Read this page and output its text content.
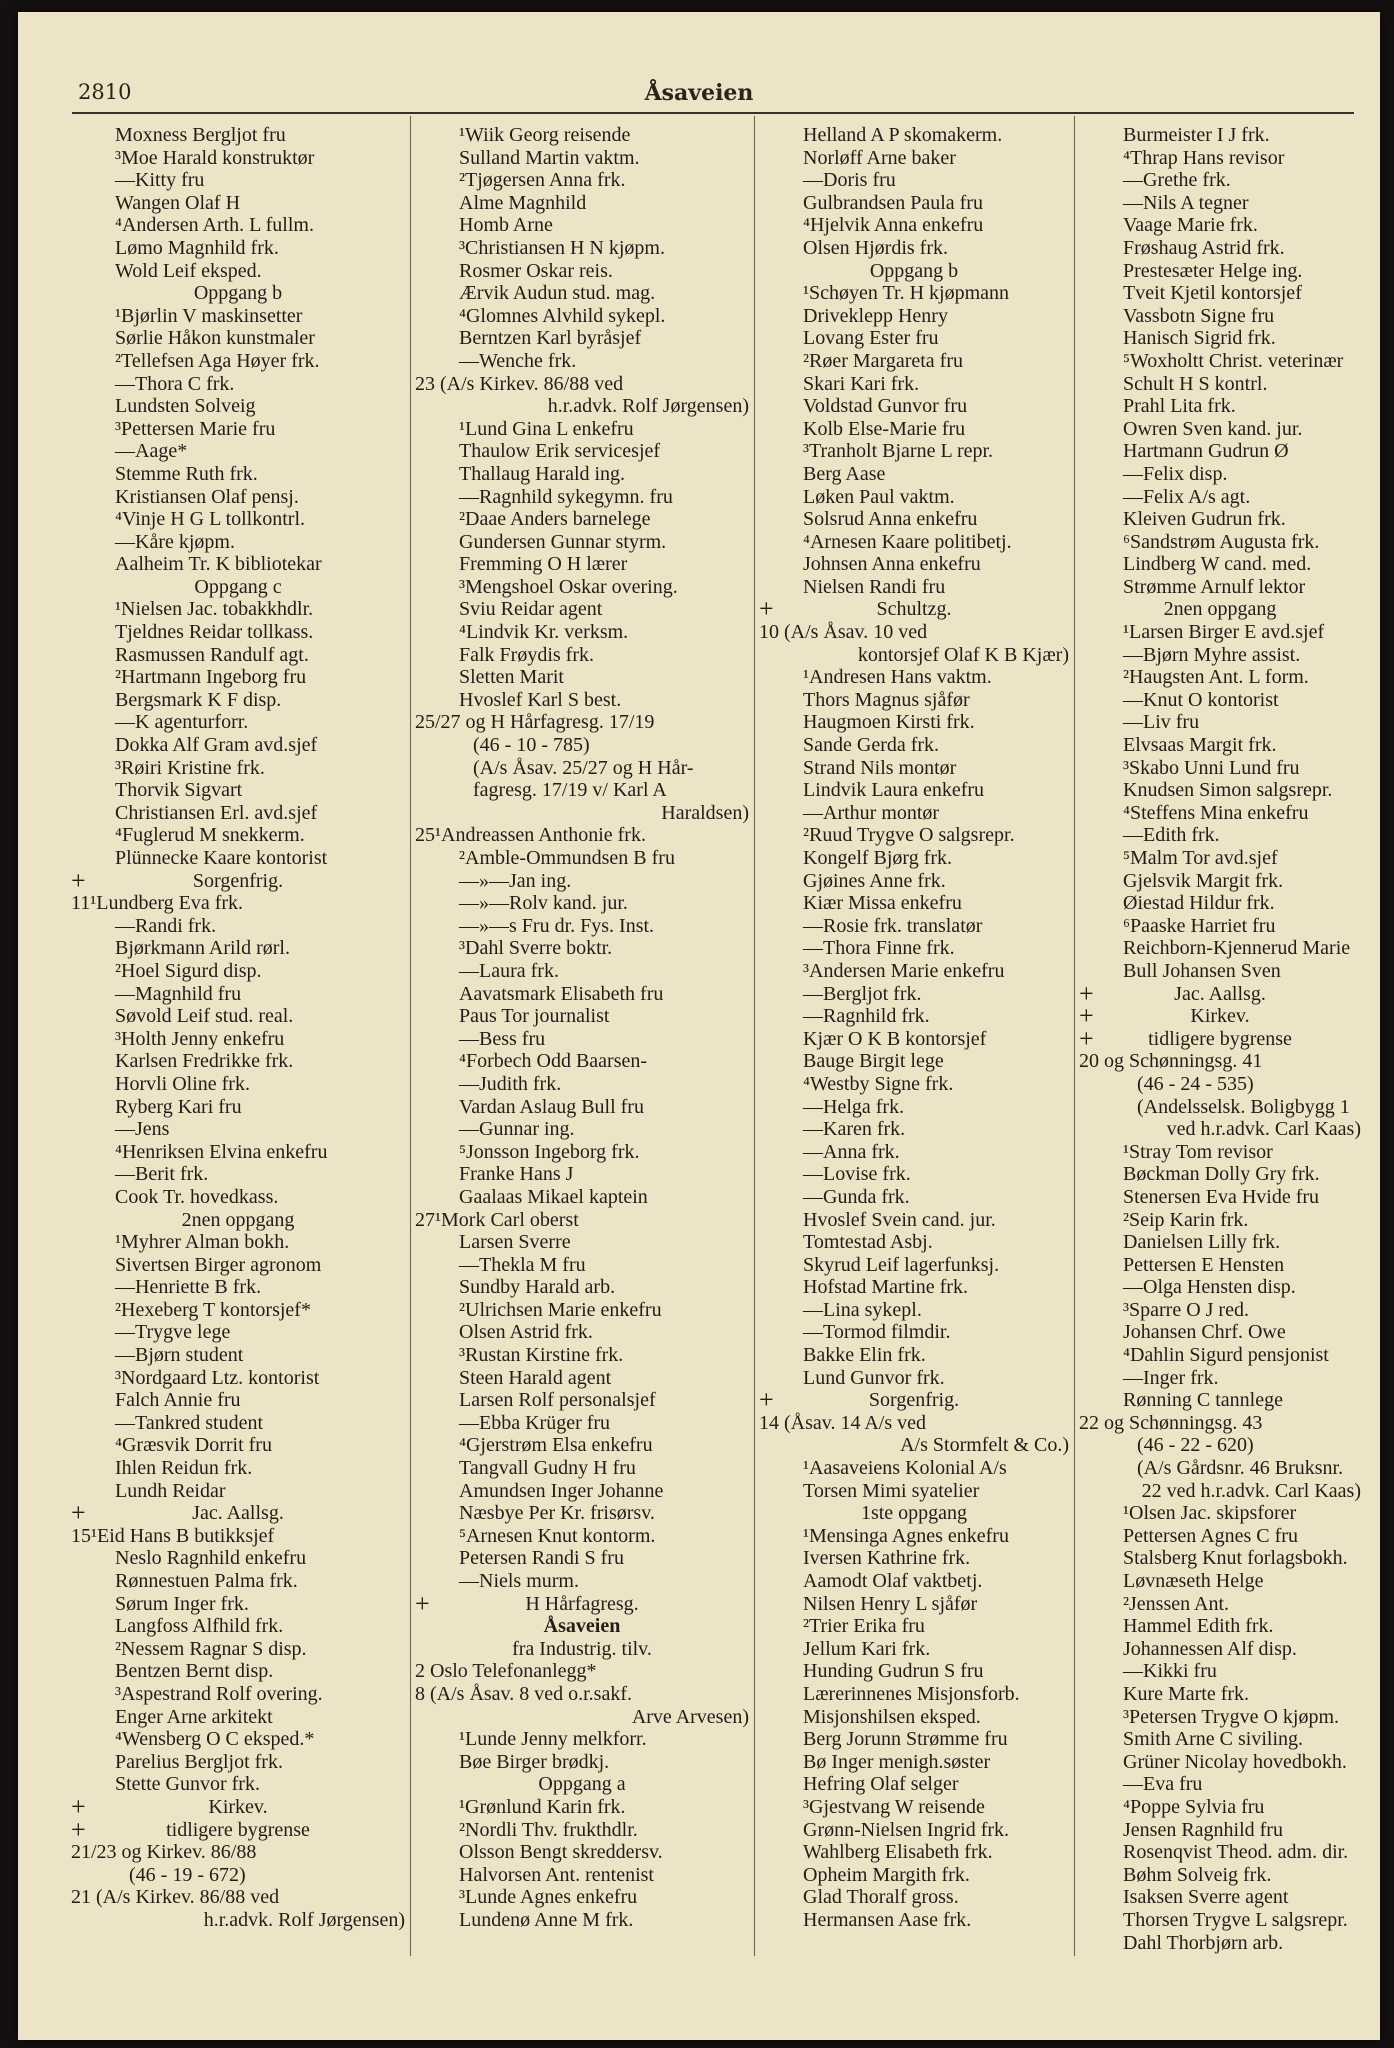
2810	Åsaveien
Moxness Bergljot fru
³Moe Harald konstruktør
—Kitty fru
Wangen Olaf H
⁴Andersen Arth. L fullm.
Lømo Magnhild frk.
Wold Leif eksped.
Oppgang b
¹Bjørlin V maskinsetter
Sørlie Håkon kunstmaler
²Tellefsen Aga Høyer frk.
—Thora C frk.
Lundsten Solveig
³Pettersen Marie fru
—Aage*
Stemme Ruth frk.
Kristiansen Olaf pensj.
⁴Vinje H G L tollkontrl.
—Kåre kjøpm.
Aalheim Tr. K bibliotekar
Oppgang c
¹Nielsen Jac. tobakkhdlr.
Tjeldnes Reidar tollkass.
Rasmussen Randulf agt.
²Hartmann Ingeborg fru
Bergsmark K F disp.
—K agenturforr.
Dokka Alf Gram avd.sjef
³Røiri Kristine frk.
Thorvik Sigvart
Christiansen Erl. avd.sjef
⁴Fuglerud M snekkerm.
Plünnecke Kaare kontorist
+	Sorgenfrig.
11¹Lundberg Eva frk.
—Randi frk.
Bjørkmann Arild rørl.
²Hoel Sigurd disp.
—Magnhild fru
Søvold Leif stud. real.
³Holth Jenny enkefru
Karlsen Fredrikke frk.
Horvli Oline frk.
Ryberg Kari fru
—Jens
⁴Henriksen Elvina enkefru
—Berit frk.
Cook Tr. hovedkass.
2nen oppgang
¹Myhrer Alman bokh.
Sivertsen Birger agronom
—Henriette B frk.
²Hexeberg T kontorsjef*
—Trygve lege
—Bjørn student
³Nordgaard Ltz. kontorist
Falch Annie fru
—Tankred student
⁴Græsvik Dorrit fru
Ihlen Reidun frk.
Lundh Reidar
+	Jac. Aallsg.
15¹Eid Hans B butikksjef
Neslo Ragnhild enkefru
Rønnestuen Palma frk.
Sørum Inger frk.
Langfoss Alfhild frk.
²Nessem Ragnar S disp.
Bentzen Bernt disp.
³Aspestrand Rolf overing.
Enger Arne arkitekt
⁴Wensberg O C eksped.*
Parelius Bergljot frk.
Stette Gunvor frk.
+	Kirkev.
+	tidligere bygrense
21/23 og Kirkev. 86/88
(46 - 19 - 672)
21 (A/s Kirkev. 86/88 ved
h.r.advk. Rolf Jørgensen)
¹Wiik Georg reisende
Sulland Martin vaktm.
²Tjøgersen Anna frk.
Alme Magnhild
Homb Arne
³Christiansen H N kjøpm.
Rosmer Oskar reis.
Ærvik Audun stud. mag.
⁴Glomnes Alvhild sykepl.
Berntzen Karl byråsjef
—Wenche frk.
23 (A/s Kirkev. 86/88 ved
h.r.advk. Rolf Jørgensen)
¹Lund Gina L enkefru
Thaulow Erik servicesjef
Thallaug Harald ing.
—Ragnhild sykegymn. fru
²Daae Anders barnelege
Gundersen Gunnar styrm.
Fremming O H lærer
³Mengshoel Oskar overing.
Sviu Reidar agent
⁴Lindvik Kr. verksm.
Falk Frøydis frk.
Sletten Marit
Hvoslef Karl S best.
25/27 og H Hårfagresg. 17/19
(46 - 10 - 785)
(A/s Åsav. 25/27 og H Hår-
fagresg. 17/19 v/ Karl A
Haraldsen)
25¹Andreassen Anthonie frk.
²Amble-Ommundsen B fru
—»—Jan ing.
—»—Rolv kand. jur.
—»—s Fru dr. Fys. Inst.
³Dahl Sverre boktr.
—Laura frk.
Aavatsmark Elisabeth fru
Paus Tor journalist
—Bess fru
⁴Forbech Odd Baarsen-
—Judith frk.
Vardan Aslaug Bull fru
—Gunnar ing.
⁵Jonsson Ingeborg frk.
Franke Hans J
Gaalaas Mikael kaptein
27¹Mork Carl oberst
Larsen Sverre
—Thekla M fru
Sundby Harald arb.
²Ulrichsen Marie enkefru
Olsen Astrid frk.
³Rustan Kirstine frk.
Steen Harald agent
Larsen Rolf personalsjef
—Ebba Krüger fru
⁴Gjerstrøm Elsa enkefru
Tangvall Gudny H fru
Amundsen Inger Johanne
Næsbye Per Kr. frisørsv.
⁵Arnesen Knut kontorm.
Petersen Randi S fru
—Niels murm.
+	H Hårfagresg.
Åsaveien
fra Industrig. tilv.
2 Oslo Telefonanlegg*
8 (A/s Åsav. 8 ved o.r.sakf.
Arve Arvesen)
¹Lunde Jenny melkforr.
Bøe Birger brødkj.
Oppgang a
¹Grønlund Karin frk.
²Nordli Thv. frukthdlr.
Olsson Bengt skreddersv.
Halvorsen Ant. rentenist
³Lunde Agnes enkefru
Lundenø Anne M frk.
Helland A P skomakerm.
Norløff Arne baker
—Doris fru
Gulbrandsen Paula fru
⁴Hjelvik Anna enkefru
Olsen Hjørdis frk.
Oppgang b
¹Schøyen Tr. H kjøpmann
Driveklepp Henry
Lovang Ester fru
²Røer Margareta fru
Skari Kari frk.
Voldstad Gunvor fru
Kolb Else-Marie fru
³Tranholt Bjarne L repr.
Berg Aase
Løken Paul vaktm.
Solsrud Anna enkefru
⁴Arnesen Kaare politibetj.
Johnsen Anna enkefru
Nielsen Randi fru
+	Schultzg.
10 (A/s Åsav. 10 ved
kontorsjef Olaf K B Kjær)
¹Andresen Hans vaktm.
Thors Magnus sjåfør
Haugmoen Kirsti frk.
Sande Gerda frk.
Strand Nils montør
Lindvik Laura enkefru
—Arthur montør
²Ruud Trygve O salgsrepr.
Kongelf Bjørg frk.
Gjøines Anne frk.
Kiær Missa enkefru
—Rosie frk. translatør
—Thora Finne frk.
³Andersen Marie enkefru
—Bergljot frk.
—Ragnhild frk.
Kjær O K B kontorsjef
Bauge Birgit lege
⁴Westby Signe frk.
—Helga frk.
—Karen frk.
—Anna frk.
—Lovise frk.
—Gunda frk.
Hvoslef Svein cand. jur.
Tomtestad Asbj.
Skyrud Leif lagerfunksj.
Hofstad Martine frk.
—Lina sykepl.
—Tormod filmdir.
Bakke Elin frk.
Lund Gunvor frk.
+	Sorgenfrig.
14 (Åsav. 14 A/s ved
A/s Stormfelt & Co.)
¹Aasaveiens Kolonial A/s
Torsen Mimi syatelier
1ste oppgang
¹Mensinga Agnes enkefru
Iversen Kathrine frk.
Aamodt Olaf vaktbetj.
Nilsen Henry L sjåfør
²Trier Erika fru
Jellum Kari frk.
Hunding Gudrun S fru
Lærerinnenes Misjonsforb.
Misjonshilsen eksped.
Berg Jorunn Strømme fru
Bø Inger menigh.søster
Hefring Olaf selger
³Gjestvang W reisende
Grønn-Nielsen Ingrid frk.
Wahlberg Elisabeth frk.
Opheim Margith frk.
Glad Thoralf gross.
Hermansen Aase frk.
Burmeister I J frk.
⁴Thrap Hans revisor
—Grethe frk.
—Nils A tegner
Vaage Marie frk.
Frøshaug Astrid frk.
Prestesæter Helge ing.
Tveit Kjetil kontorsjef
Vassbotn Signe fru
Hanisch Sigrid frk.
⁵Woxholtt Christ. veterinær
Schult H S kontrl.
Prahl Lita frk.
Owren Sven kand. jur.
Hartmann Gudrun Ø
—Felix disp.
—Felix A/s agt.
Kleiven Gudrun frk.
⁶Sandstrøm Augusta frk.
Lindberg W cand. med.
Strømme Arnulf lektor
2nen oppgang
¹Larsen Birger E avd.sjef
—Bjørn Myhre assist.
²Haugsten Ant. L form.
—Knut O kontorist
—Liv fru
Elvsaas Margit frk.
³Skabo Unni Lund fru
Knudsen Simon salgsrepr.
⁴Steffens Mina enkefru
—Edith frk.
⁵Malm Tor avd.sjef
Gjelsvik Margit frk.
Øiestad Hildur frk.
⁶Paaske Harriet fru
Reichborn-Kjennerud Marie
Bull Johansen Sven
+	Jac. Aallsg.
+	Kirkev.
+	tidligere bygrense
20 og Schønningsg. 41
(46 - 24 - 535)
(Andelsselsk. Boligbygg 1
ved h.r.advk. Carl Kaas)
¹Stray Tom revisor
Bøckman Dolly Gry frk.
Stenersen Eva Hvide fru
²Seip Karin frk.
Danielsen Lilly frk.
Pettersen E Hensten
—Olga Hensten disp.
³Sparre O J red.
Johansen Chrf. Owe
⁴Dahlin Sigurd pensjonist
—Inger frk.
Rønning C tannlege
22 og Schønningsg. 43
(46 - 22 - 620)
(A/s Gårdsnr. 46 Bruksnr.
22 ved h.r.advk. Carl Kaas)
¹Olsen Jac. skipsforer
Pettersen Agnes C fru
Stalsberg Knut forlagsbokh.
Løvnæseth Helge
²Jenssen Ant.
Hammel Edith frk.
Johannessen Alf disp.
—Kikki fru
Kure Marte frk.
³Petersen Trygve O kjøpm.
Smith Arne C siviling.
Grüner Nicolay hovedbokh.
—Eva fru
⁴Poppe Sylvia fru
Jensen Ragnhild fru
Rosenqvist Theod. adm. dir.
Bøhm Solveig frk.
Isaksen Sverre agent
Thorsen Trygve L salgsrepr.
Dahl Thorbjørn arb.
